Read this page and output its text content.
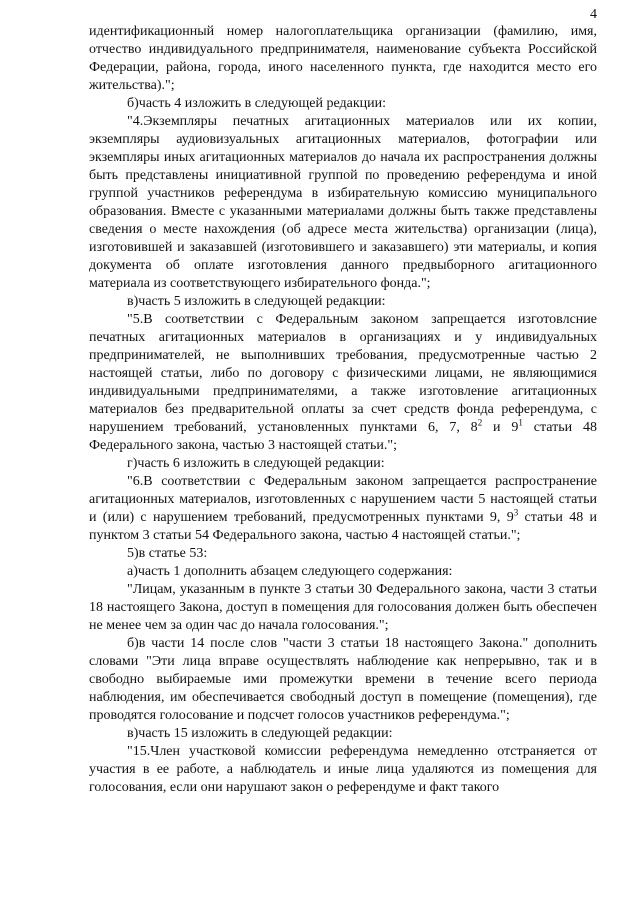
4

идентификационный номер налогоплательщика организации (фамилию, имя, отчество индивидуального предпринимателя, наименование субъекта Российской Федерации, района, города, иного населенного пункта, где находится место его жительства).";

б)часть 4 изложить в следующей редакции:

"4.Экземпляры печатных агитационных материалов или их копии, экземпляры аудиовизуальных агитационных материалов, фотографии или экземпляры иных агитационных материалов до начала их распространения должны быть представлены инициативной группой по проведению референдума и иной группой участников референдума в избирательную комиссию муниципального образования. Вместе с указанными материалами должны быть также представлены сведения о месте нахождения (об адресе места жительства) организации (лица), изготовившей и заказавшей (изготовившего и заказавшего) эти материалы, и копия документа об оплате изготовления данного предвыборного агитационного материала из соответствующего избирательного фонда.";

в)часть 5 изложить в следующей редакции:

"5.В соответствии с Федеральным законом запрещается изготовлсние печатных агитационных материалов в организациях и у индивидуальных предпринимателей, не выполнивших требования, предусмотренные частью 2 настоящей статьи, либо по договору с физическими лицами, не являющимися индивидуальными предпринимателями, а также изготовление агитационных материалов без предварительной оплаты за счет средств фонда референдума, с нарушением требований, установленных пунктами 6, 7, $8^2$ и $9^1$ статьи 48 Федерального закона, частью 3 настоящей статьи.";

г)часть 6 изложить в следующей редакции:

"6.В соответствии с Федеральным законом запрещается распространение агитационных материалов, изготовленных с нарушением части 5 настоящей статьи и (или) с нарушением требований, предусмотренных пунктами 9, $9^3$ статьи 48 и пунктом 3 статьи 54 Федерального закона, частью 4 настоящей статьи.";

5)в статье 53:

а)часть 1 дополнить абзацем следующего содержания:

"Лицам, указанным в пункте 3 статьи 30 Федерального закона, части 3 статьи 18 настоящего Закона, доступ в помещения для голосования должен быть обеспечен не менее чем за один час до начала голосования.";

б)в части 14 после слов "части 3 статьи 18 настоящего Закона." дополнить словами "Эти лица вправе осуществлять наблюдение как непрерывно, так и в свободно выбираемые ими промежутки времени в течение всего периода наблюдения, им обеспечивается свободный доступ в помещение (помещения), где проводятся голосование и подсчет голосов участников референдума.";

в)часть 15 изложить в следующей редакции:

"15.Член участковой комиссии референдума немедленно отстраняется от участия в ее работе, а наблюдатель и иные лица удаляются из помещения для голосования, если они нарушают закон о референдуме и факт такого
